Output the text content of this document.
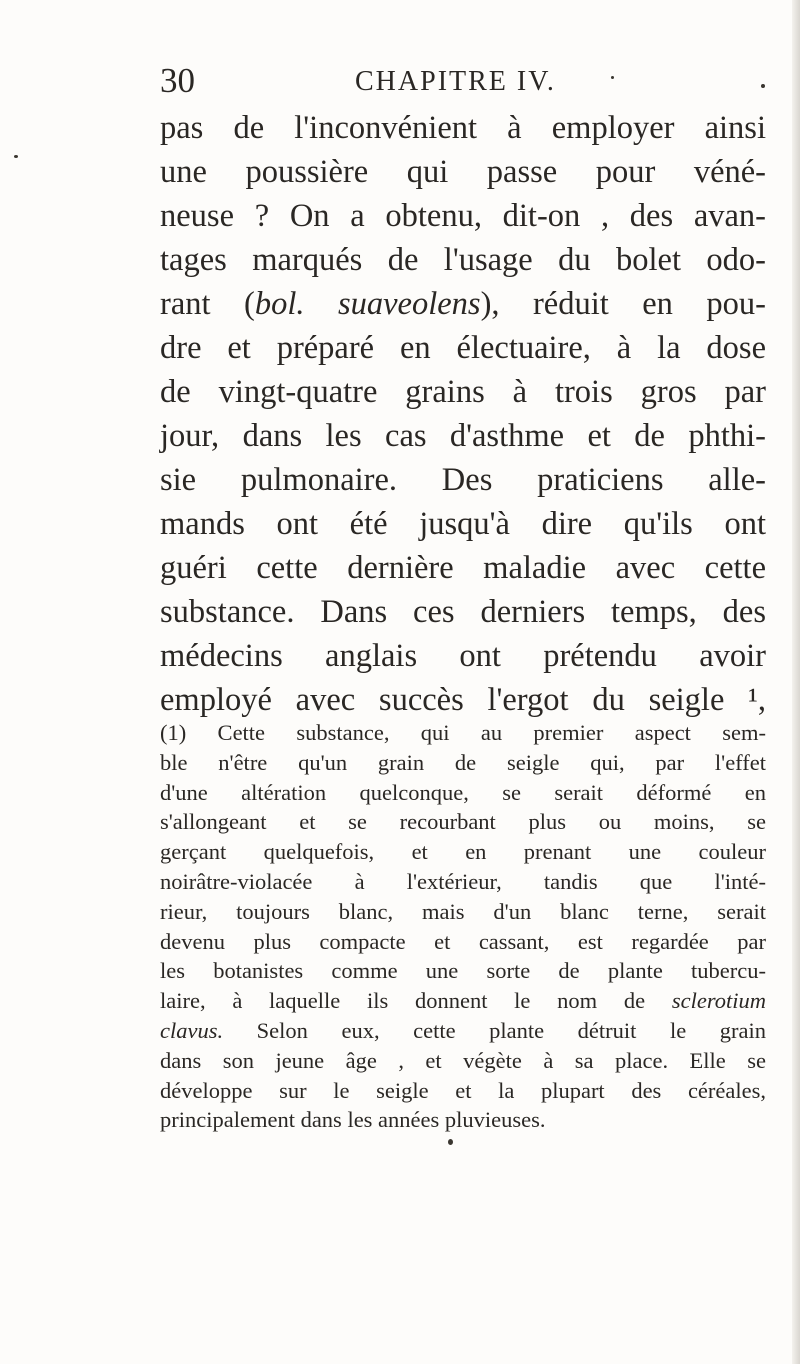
30	CHAPITRE IV.
pas de l'inconvénient à employer ainsi
une poussière qui passe pour véné-
neuse ? On a obtenu, dit-on , des avan-
tages marqués de l'usage du bolet odo-
rant (bol. suaveolens), réduit en pou-
dre et préparé en électuaire, à la dose
de vingt-quatre grains à trois gros par
jour, dans les cas d'asthme et de phthi-
sie pulmonaire. Des praticiens alle-
mands ont été jusqu'à dire qu'ils ont
guéri cette dernière maladie avec cette
substance. Dans ces derniers temps, des
médecins anglais ont prétendu avoir
employé avec succès l'ergot du seigle ¹,
(1) Cette substance, qui au premier aspect sem-
ble n'être qu'un grain de seigle qui, par l'effet
d'une altération quelconque, se serait déformé en
s'allongeant et se recourbant plus ou moins, se
gerçant quelquefois, et en prenant une couleur
noirâtre-violacée à l'extérieur, tandis que l'inté-
rieur, toujours blanc, mais d'un blanc terne, serait
devenu plus compacte et cassant, est regardée par
les botanistes comme une sorte de plante tubercu-
laire, à laquelle ils donnent le nom de sclerotium
clavus. Selon eux, cette plante détruit le grain
dans son jeune âge , et végète à sa place. Elle se
développe sur le seigle et la plupart des céréales,
principalement dans les années pluvieuses.
